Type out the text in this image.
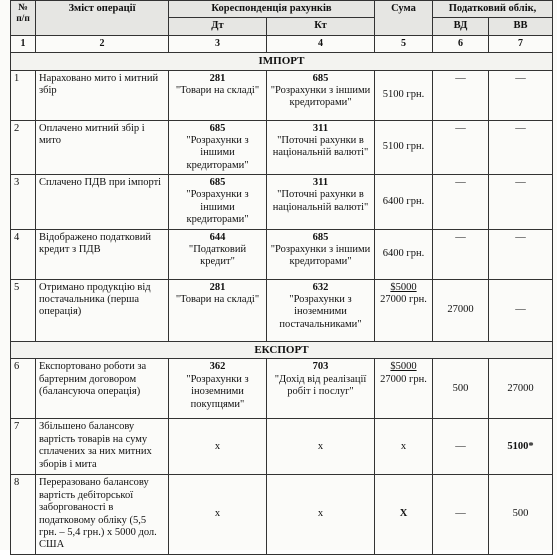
№
п/п	Зміст операції	Кореспонденція рахунків		Сума	Податковий облік,	
		Дт	Кт		ВД	ВВ
1	2	3	4	5	6	7
ІМПОРТ						
1	Нараховано мито і митний збір	281
"Товари на складі"	685
"Розрахунки з іншими кредиторами"	5100 грн.	—	—
2	Оплачено митний збір і мито	685
"Розрахунки з іншими кредиторами"	311
"Поточні рахунки в національній валюті"	5100 грн.	—	—
3	Сплачено ПДВ при імпорті	685
"Розрахунки з іншими кредиторами"	311
"Поточні рахунки в національній валюті"	6400 грн.	—	—
4	Відображено податковий кредит з ПДВ	644
"Податковий кредит"	685
"Розрахунки з іншими кредиторами"	6400 грн.	—	—
5	Отримано продукцію від постачальника (перша операція)	281
"Товари на складі"	632
"Розрахунки з іноземними постачальниками"	$5000
27000 грн.	27000	—
ЕКСПОРТ						
6	Експортовано роботи за бартерним договором (балансуюча операція)	362
"Розрахунки з іноземними покупцями"	703
"Дохід від реалізації робіт і послуг"	$5000
27000 грн.	500	27000
7	Збільшено балансову вартість товарів на суму сплачених за них митних зборів і мита	х	х	х	—	5100*
8	Переразовано балансову вартість дебіторської заборгованості в податковому обліку (5,5 грн. – 5,4 грн.) х 5000 дол. США	х	х	Х	—	500
